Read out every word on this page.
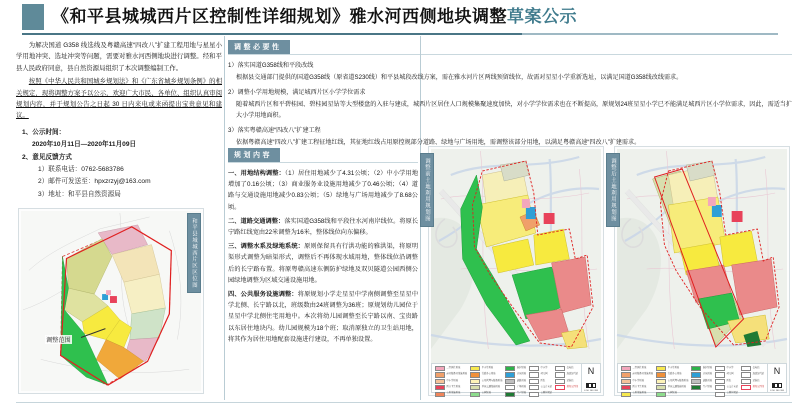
《和平县城城西片区控制性详细规划》雅水河西侧地块调整草案公示

为解决国道 G358 线选线及粤赣高速“四改八”扩建工程用地与星星小学用地冲突、选址冲突等问题，需要对雅水河西侧地块进行调整。经和平县人民政府同意，县自然资源局组织了本次调整编制工作。

按照《中华人民共和国城乡规划法》和《广东省城乡规划条例》的相关规定，现将调整方案予以公示，欢迎广大市民、各单位、组织认真审阅规划内容，并于规划公告之日起 30 日内来电或来函提出宝贵意见和建议。

1、公示时间：
2020年10月11日—2020年11月09日
2、意见反馈方式
1）联系电话：0762-5683786
2）邮件可发送至：hpxzrzyj@163.com
3）地址：和平县自然资源局
和平县城城西片区区位图
调整范围
调整必要性
1）落实国道G358线和平段改线
根据县交通部门提供的国道G358线（原省道S230线）和平县城段改线方案，需在雅水河片区两线预留线位，故需对星星小学重新选址，以满足国道G358线改线需求。
2）调整小学用地规模，满足城西片区小学学位需求
随着城西片区和平碧桂园、碧桂园星钻等大型楼盘的入驻与建成，城西片区居住人口规模集聚速度加快，对小学学位需求也在不断提高，原规划24班星星小学已不能满足城西片区小学位需求，因此，需适当扩大小学用地面积。
3）落实粤赣高速“四改八”扩建工程
依据粤赣高速“四改八”扩建工程征地红线，其征地红线占用原控规部分道路、绿地与广场用地，需调整该部分用地，以满足粤赣高速“四改八”扩建需求。
规划内容

一、用地结构调整：（1）居住用地减少了4.31公顷；（2）中小学用地增加了0.16公顷；（3）商业服务业设施用地减少了0.46公顷；（4）道路与交通设施用地减少0.83公顷；（5）绿地与广场用地减少了8.68公顷。

二、道路交通调整：落实国道G358线和平段往水河南岸线位。将原长宁路红线宽由22米调整为16米，整体线位向东偏移。

三、调整水系及绿地系统：原则保留具有行洪功能的雅洪渠，将原明渠形式调整为暗渠形式，调整后不再体现水域用地，整体线位沿调整后的长宁路布置。将原粤赣高速东侧防护绿地及双贝隧道公园西侧公园绿地调整为区域交通设施用地。

四、公共服务设施调整：将原规划小学走星星中学南侧调整至星星中学北侧、长宁路以北，班级数由24班调整为36班；原规划幼儿园位于星星中学北侧住宅用地中。本次将幼儿园调整至长宁路以南、宝贵路以东居住地块内。幼儿园规模为18个班；取消原独立的卫生站用地，将其作为居住用地配套设施进行建设，不再单独设置。

调整前土地利用规划图
二类居住用地
商业服务业设施用地
中小学用地
医疗卫生用地
公用设施用地
中小学用地
行政办公用地
公共管理与服务用地
区域交通设施用地
公园绿地
防护绿地
水域用地
道路用地
广场用地
生产绿地
中小学
幼儿园
医院
公交首末站
公厕垃圾站
变电站
加油加气站
消防站
规划范围线
N
0 50 100 200
调整后土地利用规划图
二类居住用地
商业服务业设施用地
中小学用地
医疗卫生用地
公用设施用地
中小学用地
行政办公用地
公共管理与服务用地
区域交通设施用地
公园绿地
防护绿地
水域用地
道路用地
生产绿地
中小学
幼儿园
医院
公交首末站
公厕垃圾站
变电站
加油加气站
消防站
规划范围线
N
0 50 100 200
